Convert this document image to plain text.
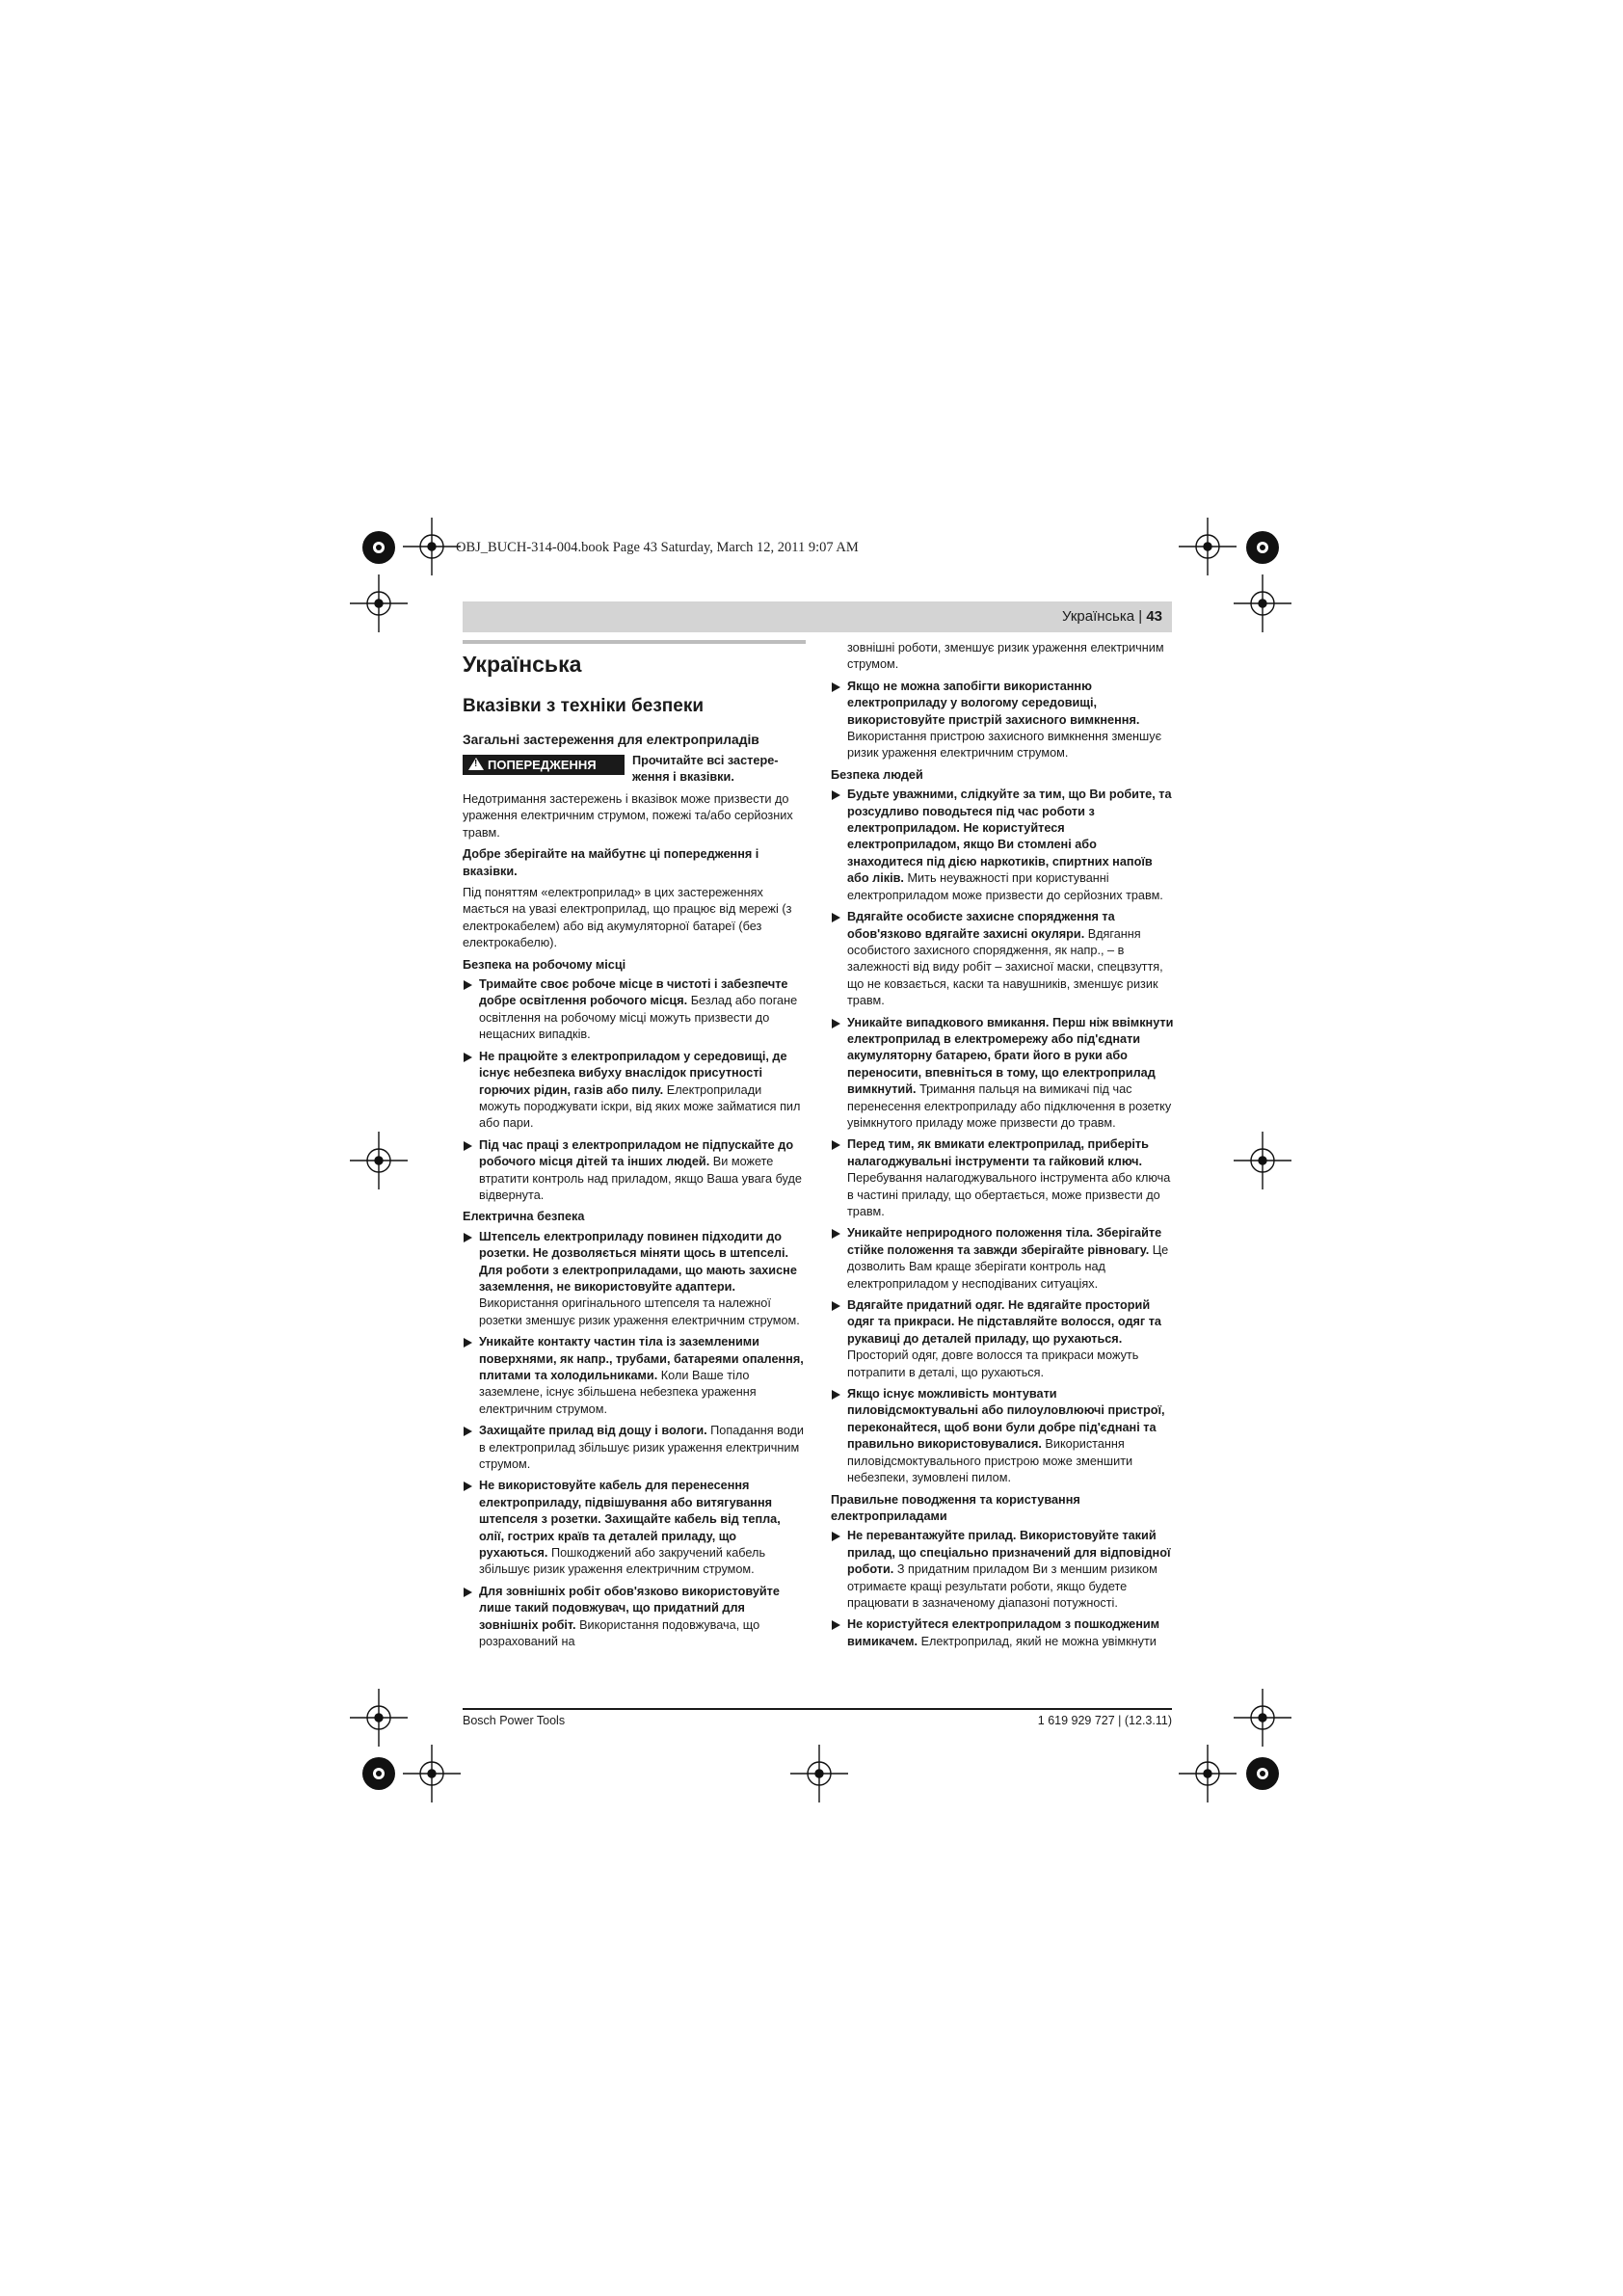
OBJ_BUCH-314-004.book Page 43 Saturday, March 12, 2011 9:07 AM
Українська | 43
Українська
Вказівки з техніки безпеки
Загальні застереження для електроприладів
!ПОПЕРЕДЖЕННЯ	Прочитайте всі застере-ження і вказівки.

Недотримання застережень і вказівок може призвести до ураження електричним струмом, пожежі та/або серйозних травм.

Добре зберігайте на майбутнє ці попередження і вказівки.

Під поняттям «електроприлад» в цих застереженнях мається на увазі електроприлад, що працює від мережі (з електрокабелем) або від акумуляторної батареї (без електрокабелю).

Безпека на робочому місці
Тримайте своє робоче місце в чистоті і забезпечте добре освітлення робочого місця. Безлад або погане освітлення на робочому місці можуть призвести до нещасних випадків.
Не працюйте з електроприладом у середовищі, де існує небезпека вибуху внаслідок присутності горючих рідин, газів або пилу. Електроприлади можуть породжувати іскри, від яких може займатися пил або пари.
Під час праці з електроприладом не підпускайте до робочого місця дітей та інших людей. Ви можете втратити контроль над приладом, якщо Ваша увага буде відвернута.
Електрична безпека
Штепсель електроприладу повинен підходити до розетки. Не дозволяється міняти щось в штепселі. Для роботи з електроприладами, що мають захисне заземлення, не використовуйте адаптери. Використання оригінального штепселя та належної розетки зменшує ризик ураження електричним струмом.
Уникайте контакту частин тіла із заземленими поверхнями, як напр., трубами, батареями опалення, плитами та холодильниками. Коли Ваше тіло заземлене, існує збільшена небезпека ураження електричним струмом.
Захищайте прилад від дощу і вологи. Попадання води в електроприлад збільшує ризик ураження електричним струмом.
Не використовуйте кабель для перенесення електроприладу, підвішування або витягування штепселя з розетки. Захищайте кабель від тепла, олії, гострих країв та деталей приладу, що рухаються. Пошкоджений або закручений кабель збільшує ризик ураження електричним струмом.
Для зовнішніх робіт обов'язково використовуйте лише такий подовжувач, що придатний для зовнішніх робіт. Використання подовжувача, що розрахований на

зовнішні роботи, зменшує ризик ураження електричним струмом.

Якщо не можна запобігти використанню електроприладу у вологому середовищі, використовуйте пристрій захисного вимкнення. Використання пристрою захисного вимкнення зменшує ризик ураження електричним струмом.
Безпека людей
Будьте уважними, слідкуйте за тим, що Ви робите, та розсудливо поводьтеся під час роботи з електроприладом. Не користуйтеся електроприладом, якщо Ви стомлені або знаходитеся під дією наркотиків, спиртних напоїв або ліків. Мить неуважності при користуванні електроприладом може призвести до серйозних травм.
Вдягайте особисте захисне спорядження та обов'язково вдягайте захисні окуляри. Вдягання особистого захисного спорядження, як напр., – в залежності від виду робіт – захисної маски, спецвзуття, що не ковзається, каски та навушників, зменшує ризик травм.
Уникайте випадкового вмикання. Перш ніж ввімкнути електроприлад в електромережу або під'єднати акумуляторну батарею, брати його в руки або переносити, впевніться в тому, що електроприлад вимкнутий. Тримання пальця на вимикачі під час перенесення електроприладу або підключення в розетку увімкнутого приладу може призвести до травм.
Перед тим, як вмикати електроприлад, приберіть налагоджувальні інструменти та гайковий ключ. Перебування налагоджувального інструмента або ключа в частині приладу, що обертається, може призвести до травм.
Уникайте неприродного положення тіла. Зберігайте стійке положення та завжди зберігайте рівновагу. Це дозволить Вам краще зберігати контроль над електроприладом у несподіваних ситуаціях.
Вдягайте придатний одяг. Не вдягайте просторий одяг та прикраси. Не підставляйте волосся, одяг та рукавиці до деталей приладу, що рухаються. Просторий одяг, довге волосся та прикраси можуть потрапити в деталі, що рухаються.
Якщо існує можливість монтувати пиловідсмоктувальні або пилоуловлюючі пристрої, переконайтеся, щоб вони були добре під'єднані та правильно використовувалися. Використання пиловідсмоктувального пристрою може зменшити небезпеки, зумовлені пилом.
Правильне поводження та користування електроприладами
Не перевантажуйте прилад. Використовуйте такий прилад, що спеціально призначений для відповідної роботи. З придатним приладом Ви з меншим ризиком отримаєте кращі результати роботи, якщо будете працювати в зазначеному діапазоні потужності.
Не користуйтеся електроприладом з пошкодженим вимикачем. Електроприлад, який не можна увімкнути
Bosch Power Tools	1 619 929 727 | (12.3.11)
